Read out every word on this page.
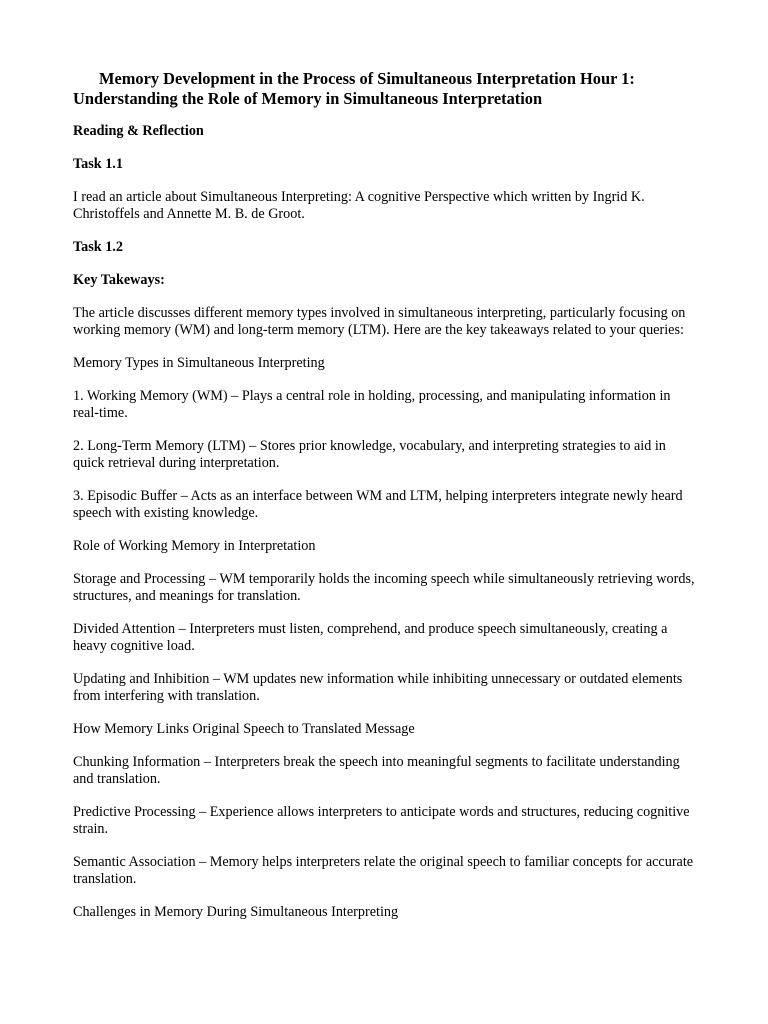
Memory Development in the Process of Simultaneous Interpretation Hour 1:
Understanding the Role of Memory in Simultaneous Interpretation
Reading & Reflection
Task 1.1

I read an article about Simultaneous Interpreting: A cognitive Perspective which written by Ingrid K. Christoffels and Annette M. B. de Groot.

Task 1.2
Key Takeways:

The article discusses different memory types involved in simultaneous interpreting, particularly focusing on working memory (WM) and long-term memory (LTM). Here are the key takeaways related to your queries:

Memory Types in Simultaneous Interpreting

1. Working Memory (WM) – Plays a central role in holding, processing, and manipulating information in real-time.

2. Long-Term Memory (LTM) – Stores prior knowledge, vocabulary, and interpreting strategies to aid in quick retrieval during interpretation.

3. Episodic Buffer – Acts as an interface between WM and LTM, helping interpreters integrate newly heard speech with existing knowledge.

Role of Working Memory in Interpretation

Storage and Processing – WM temporarily holds the incoming speech while simultaneously retrieving words, structures, and meanings for translation.

Divided Attention – Interpreters must listen, comprehend, and produce speech simultaneously, creating a heavy cognitive load.

Updating and Inhibition – WM updates new information while inhibiting unnecessary or outdated elements from interfering with translation.

How Memory Links Original Speech to Translated Message

Chunking Information – Interpreters break the speech into meaningful segments to facilitate understanding and translation.

Predictive Processing – Experience allows interpreters to anticipate words and structures, reducing cognitive strain.

Semantic Association – Memory helps interpreters relate the original speech to familiar concepts for accurate translation.

Challenges in Memory During Simultaneous Interpreting
